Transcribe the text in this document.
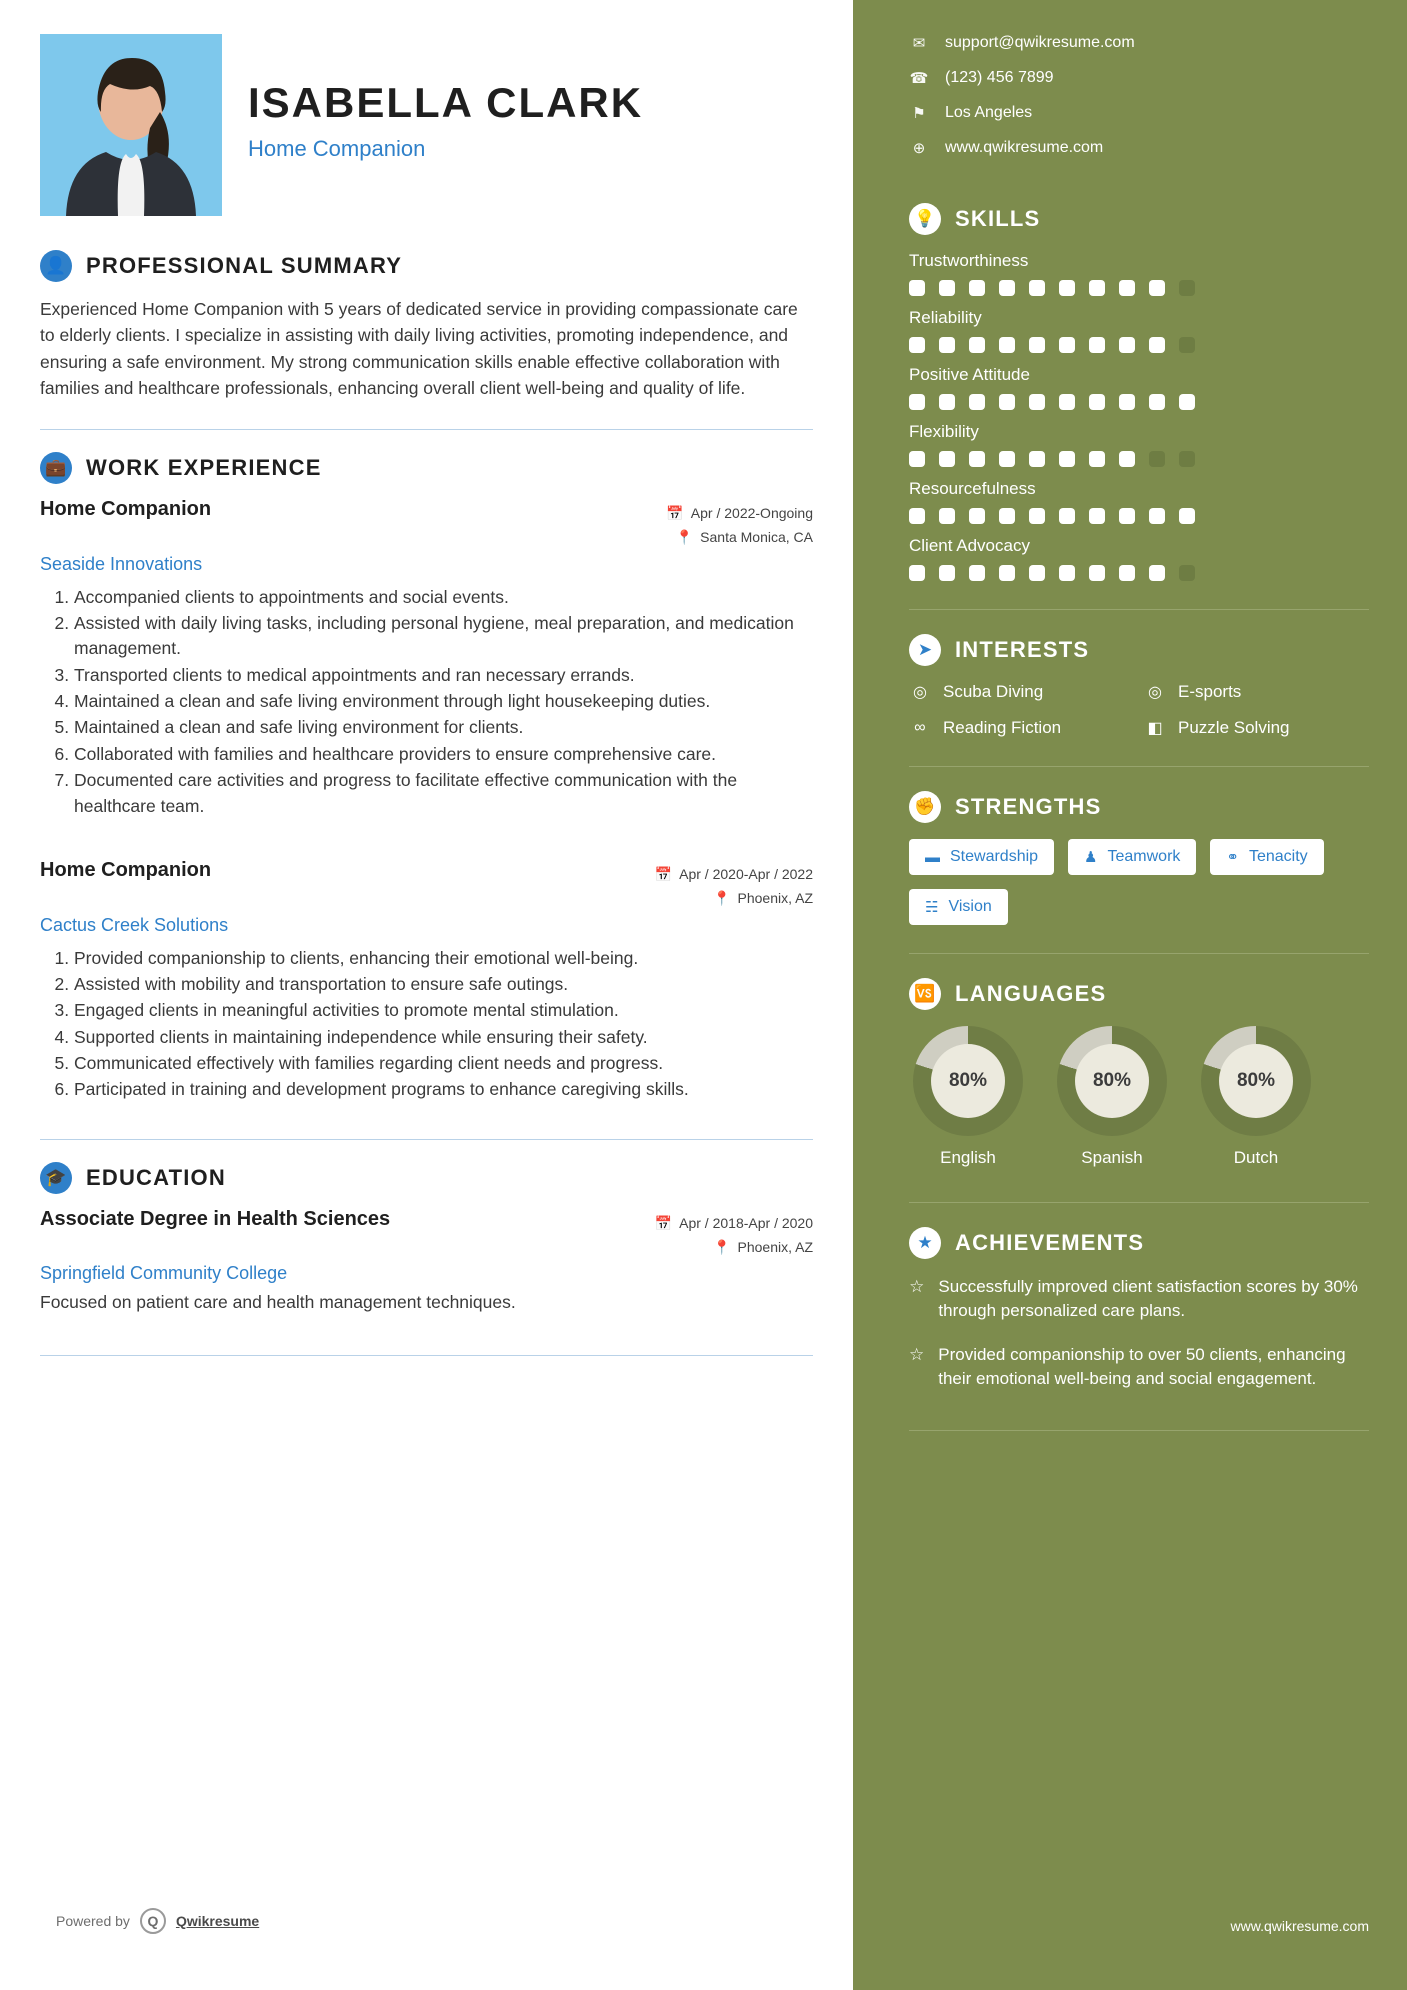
ISABELLA CLARK
Home Companion
👤 PROFESSIONAL SUMMARY
Experienced Home Companion with 5 years of dedicated service in providing compassionate care to elderly clients. I specialize in assisting with daily living activities, promoting independence, and ensuring a safe environment. My strong communication skills enable effective collaboration with families and healthcare professionals, enhancing overall client well-being and quality of life.
💼 WORK EXPERIENCE
Home Companion	📅 Apr / 2022-Ongoing
📍 Santa Monica, CA
Seaside Innovations
1. Accompanied clients to appointments and social events.
2. Assisted with daily living tasks, including personal hygiene, meal preparation, and medication management.
3. Transported clients to medical appointments and ran necessary errands.
4. Maintained a clean and safe living environment through light housekeeping duties.
5. Maintained a clean and safe living environment for clients.
6. Collaborated with families and healthcare providers to ensure comprehensive care.
7. Documented care activities and progress to facilitate effective communication with the healthcare team.
Home Companion	📅 Apr / 2020-Apr / 2022
📍 Phoenix, AZ
Cactus Creek Solutions
1. Provided companionship to clients, enhancing their emotional well-being.
2. Assisted with mobility and transportation to ensure safe outings.
3. Engaged clients in meaningful activities to promote mental stimulation.
4. Supported clients in maintaining independence while ensuring their safety.
5. Communicated effectively with families regarding client needs and progress.
6. Participated in training and development programs to enhance caregiving skills.
🎓 EDUCATION
Associate Degree in Health Sciences	📅 Apr / 2018-Apr / 2020
📍 Phoenix, AZ
Springfield Community College
Focused on patient care and health management techniques.
Powered by	Q	Qwikresume
✉ support@qwikresume.com
☎ (123) 456 7899
⚑ Los Angeles
⊕ www.qwikresume.com
💡 SKILLS
Trustworthiness
Reliability
Positive Attitude
Flexibility
Resourcefulness
Client Advocacy
➤	INTERESTS
◎ Scuba Diving	◎ E-sports
∞	Reading Fiction	◧ Puzzle Solving
✊ STRENGTHS
▬ Stewardship	♟ Teamwork	⚭ Tenacity
☵ Vision
🆚 LANGUAGES
80%
English
80%
Spanish
80%
Dutch
★	ACHIEVEMENTS
☆ Successfully improved client satisfaction scores by 30% through personalized care plans.
☆ Provided companionship to over 50 clients, enhancing their emotional well-being and social engagement.
www.qwikresume.com
